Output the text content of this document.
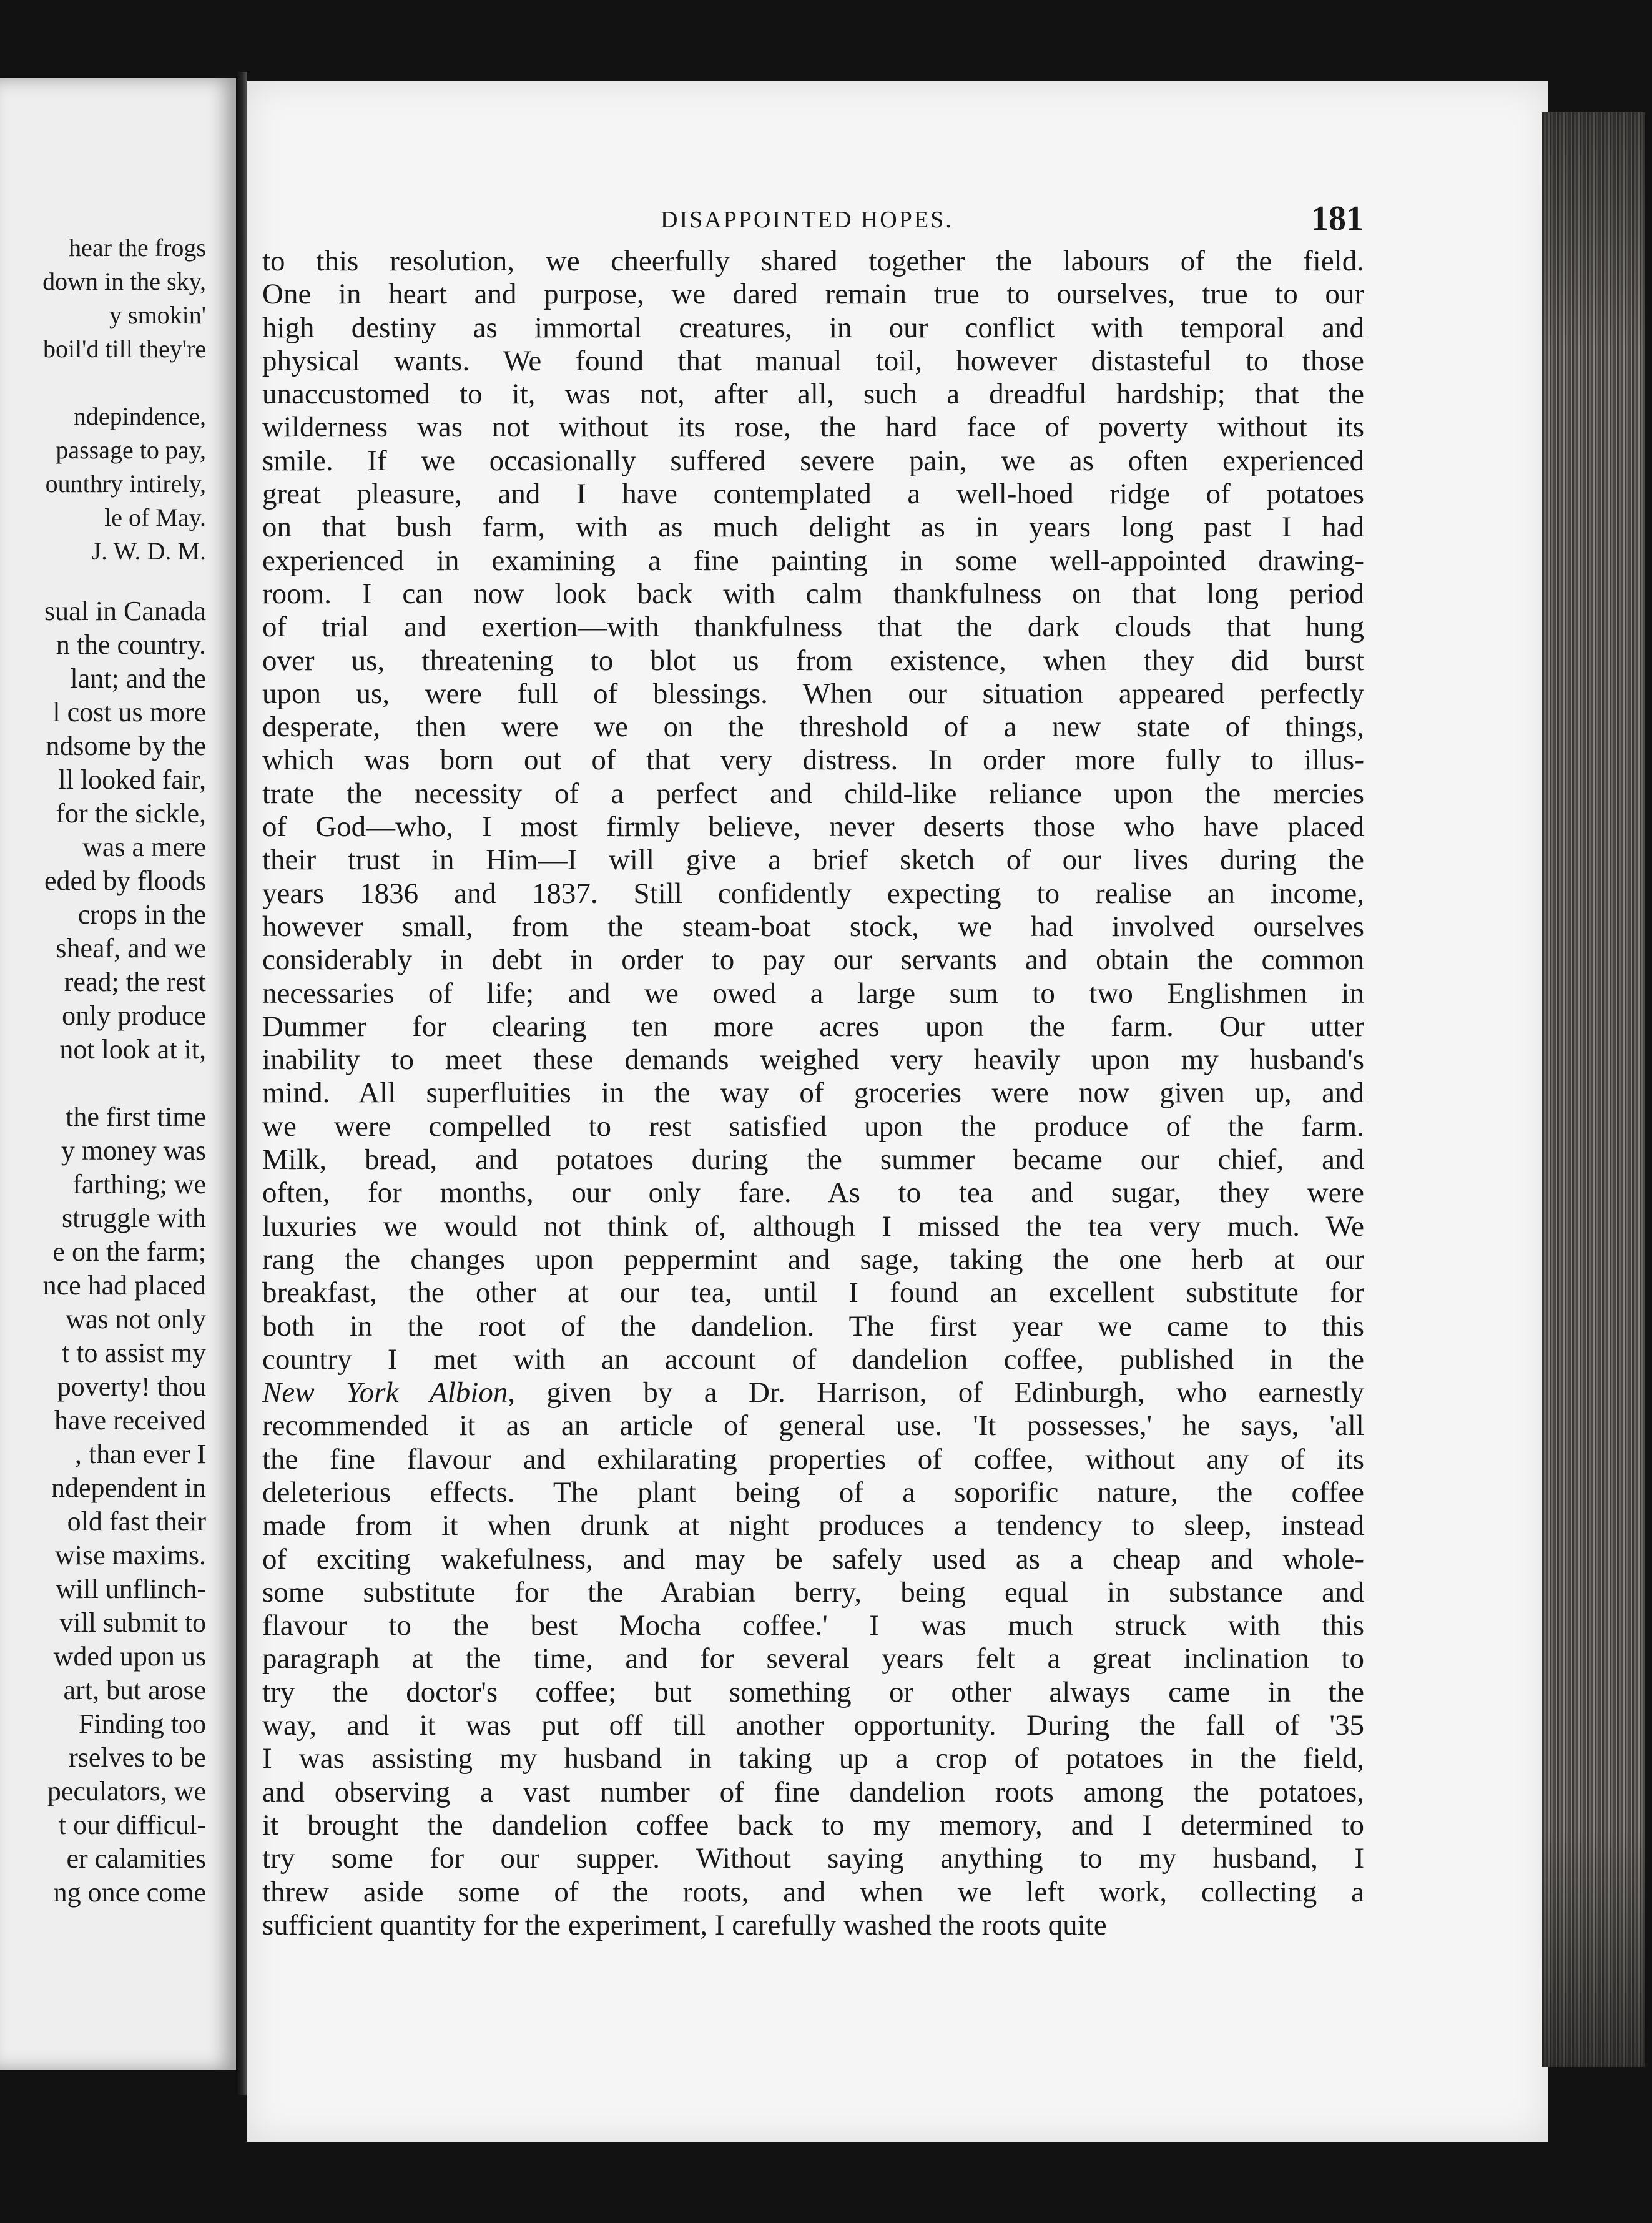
hear the frogs
down in the sky,
y smokin'
boil'd till they're
ndepindence,
passage to pay,
ounthry intirely,
le of May.
J. W. D. M.
sual in Canada
n the country.
lant; and the
l cost us more
ndsome by the
ll looked fair,
for the sickle,
was a mere
eded by floods
crops in the
sheaf, and we
read; the rest
only produce
not look at it,
the first time
y money was
farthing; we
struggle with
e on the farm;
nce had placed
was not only
t to assist my
poverty! thou
have received
, than ever I
ndependent in
old fast their
wise maxims.
will unflinch-
vill submit to
wded upon us
art, but arose
Finding too
rselves to be
peculators, we
t our difficul-
er calamities
ng once come
DISAPPOINTED HOPES.	181
to this resolution, we cheerfully shared together the labours of the field.
One in heart and purpose, we dared remain true to ourselves, true to our
high destiny as immortal creatures, in our conflict with temporal and
physical wants. We found that manual toil, however distasteful to those
unaccustomed to it, was not, after all, such a dreadful hardship; that the
wilderness was not without its rose, the hard face of poverty without its
smile. If we occasionally suffered severe pain, we as often experienced
great pleasure, and I have contemplated a well-hoed ridge of potatoes
on that bush farm, with as much delight as in years long past I had
experienced in examining a fine painting in some well-appointed drawing-
room. I can now look back with calm thankfulness on that long period
of trial and exertion—with thankfulness that the dark clouds that hung
over us, threatening to blot us from existence, when they did burst
upon us, were full of blessings. When our situation appeared perfectly
desperate, then were we on the threshold of a new state of things,
which was born out of that very distress. In order more fully to illus-
trate the necessity of a perfect and child-like reliance upon the mercies
of God—who, I most firmly believe, never deserts those who have placed
their trust in Him—I will give a brief sketch of our lives during the
years 1836 and 1837. Still confidently expecting to realise an income,
however small, from the steam-boat stock, we had involved ourselves
considerably in debt in order to pay our servants and obtain the common
necessaries of life; and we owed a large sum to two Englishmen in
Dummer for clearing ten more acres upon the farm. Our utter
inability to meet these demands weighed very heavily upon my husband's
mind. All superfluities in the way of groceries were now given up, and
we were compelled to rest satisfied upon the produce of the farm.
Milk, bread, and potatoes during the summer became our chief, and
often, for months, our only fare. As to tea and sugar, they were
luxuries we would not think of, although I missed the tea very much. We
rang the changes upon peppermint and sage, taking the one herb at our
breakfast, the other at our tea, until I found an excellent substitute for
both in the root of the dandelion. The first year we came to this
country I met with an account of dandelion coffee, published in the
New York Albion, given by a Dr. Harrison, of Edinburgh, who earnestly
recommended it as an article of general use. 'It possesses,' he says, 'all
the fine flavour and exhilarating properties of coffee, without any of its
deleterious effects. The plant being of a soporific nature, the coffee
made from it when drunk at night produces a tendency to sleep, instead
of exciting wakefulness, and may be safely used as a cheap and whole-
some substitute for the Arabian berry, being equal in substance and
flavour to the best Mocha coffee.' I was much struck with this
paragraph at the time, and for several years felt a great inclination to
try the doctor's coffee; but something or other always came in the
way, and it was put off till another opportunity. During the fall of '35
I was assisting my husband in taking up a crop of potatoes in the field,
and observing a vast number of fine dandelion roots among the potatoes,
it brought the dandelion coffee back to my memory, and I determined to
try some for our supper. Without saying anything to my husband, I
threw aside some of the roots, and when we left work, collecting a
sufficient quantity for the experiment, I carefully washed the roots quite
